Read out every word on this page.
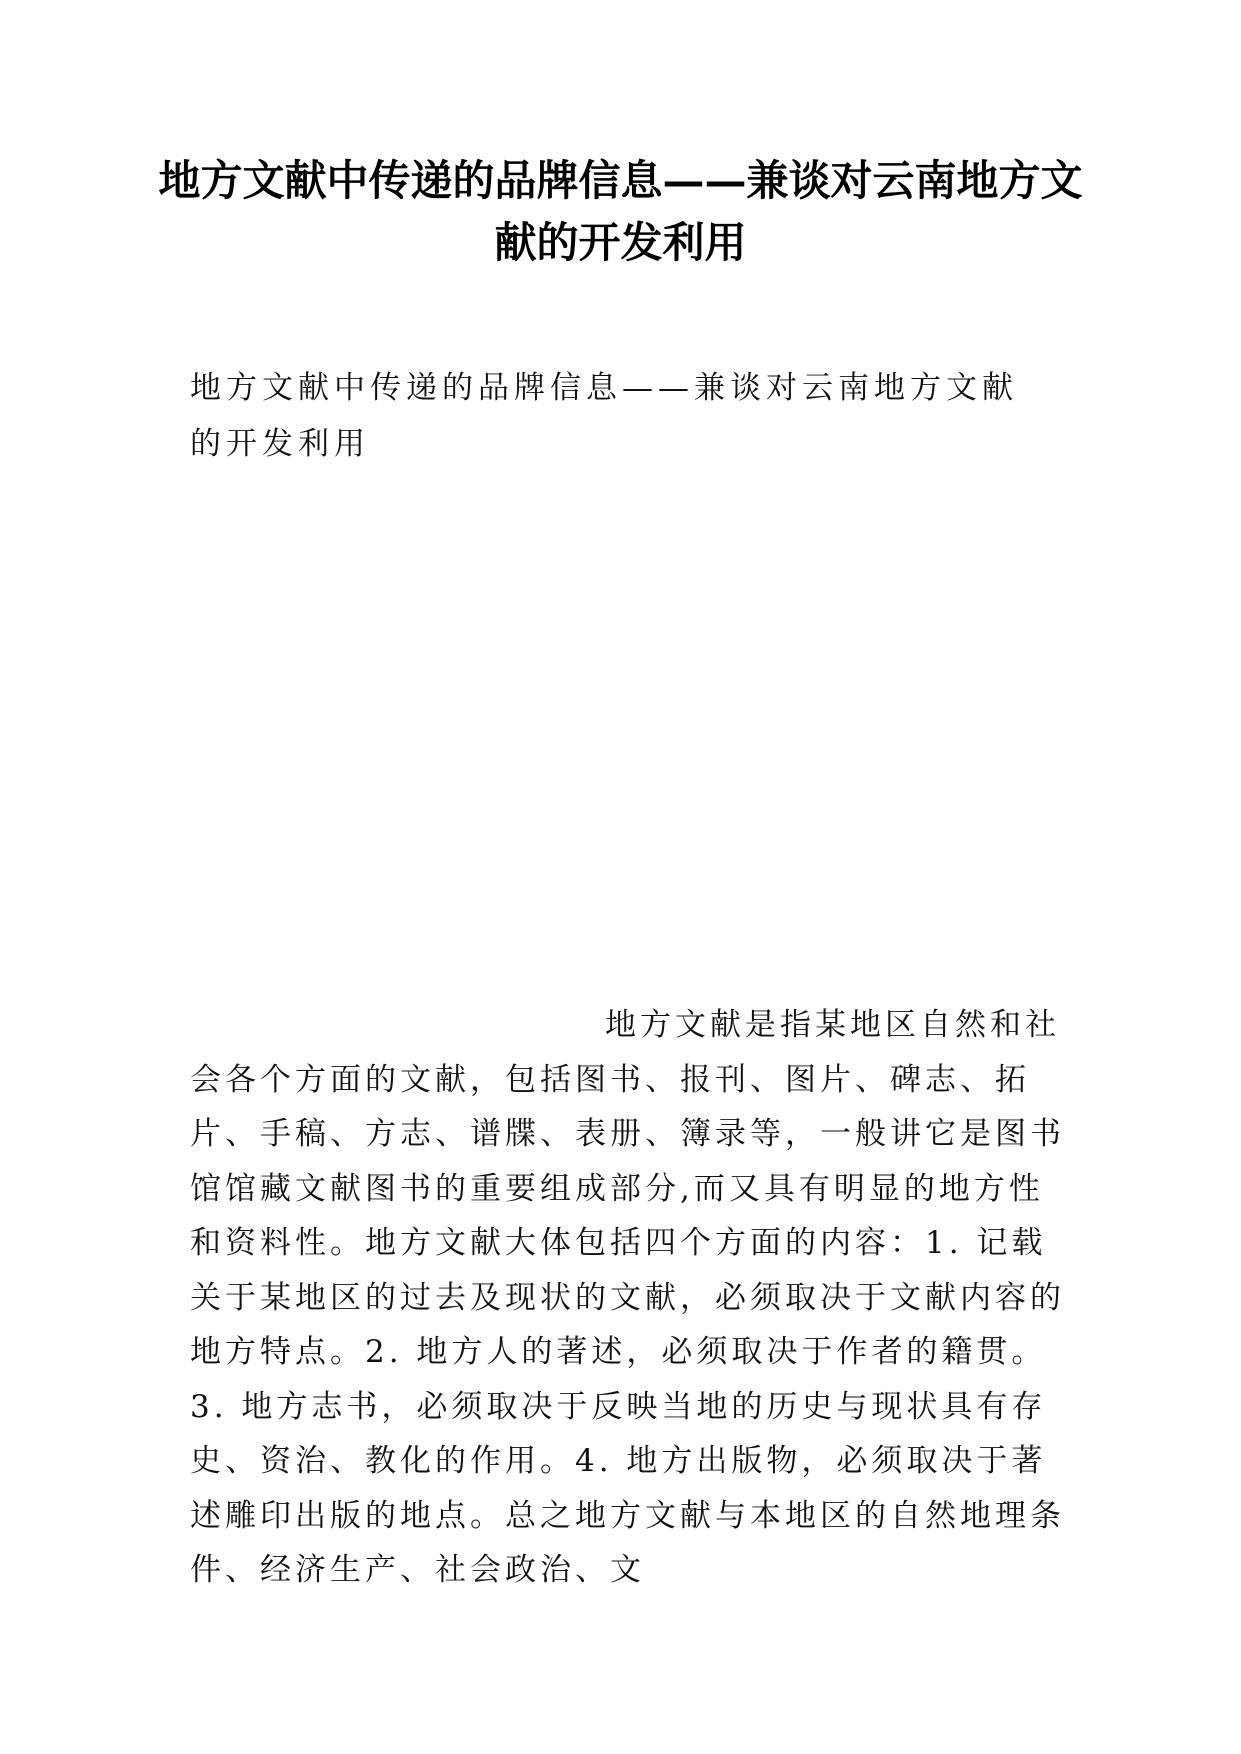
地方文献中传递的品牌信息——兼谈对云南地方文献的开发利用

地方文献中传递的品牌信息——兼谈对云南地方文献的开发利用

地方文献是指某地区自然和社会各个方面的文献，包括图书、报刊、图片、碑志、拓片、手稿、方志、谱牒、表册、簿录等，一般讲它是图书馆馆藏文献图书的重要组成部分,而又具有明显的地方性和资料性。地方文献大体包括四个方面的内容：1. 记载关于某地区的过去及现状的文献，必须取决于文献内容的地方特点。2. 地方人的著述，必须取决于作者的籍贯。3. 地方志书，必须取决于反映当地的历史与现状具有存史、资治、教化的作用。4. 地方出版物，必须取决于著述雕印出版的地点。总之地方文献与本地区的自然地理条件、经济生产、社会政治、文
